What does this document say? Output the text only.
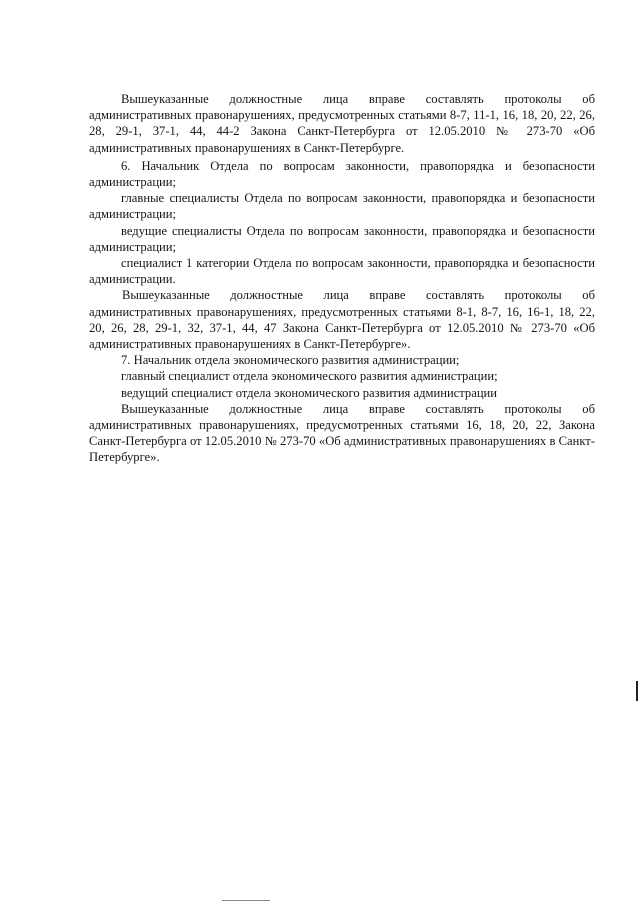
Вышеуказанные должностные лица вправе составлять протоколы об административных правонарушениях, предусмотренных статьями 8-7, 11-1, 16, 18, 20, 22, 26, 28, 29-1, 37-1, 44, 44-2 Закона Санкт-Петербурга от 12.05.2010 № 273-70 «Об административных правонарушениях в Санкт-Петербурге.

6. Начальник Отдела по вопросам законности, правопорядка и безопасности администрации;

главные специалисты Отдела по вопросам законности, правопорядка и безопасности администрации;

ведущие специалисты Отдела по вопросам законности, правопорядка и безопасности администрации;

специалист 1 категории Отдела по вопросам законности, правопорядка и безопасности администрации.

Вышеуказанные должностные лица вправе составлять протоколы об административных правонарушениях, предусмотренных статьями 8-1, 8-7, 16, 16-1, 18, 22, 20, 26, 28, 29-1, 32, 37-1, 44, 47 Закона Санкт-Петербурга от 12.05.2010 № 273-70 «Об административных правонарушениях в Санкт-Петербурге».

7. Начальник отдела экономического развития администрации;

главный специалист отдела экономического развития администрации;

ведущий специалист отдела экономического развития администрации

Вышеуказанные должностные лица вправе составлять протоколы об административных правонарушениях, предусмотренных статьями 16, 18, 20, 22, Закона Санкт-Петербурга от 12.05.2010 № 273-70 «Об административных правонарушениях в Санкт-Петербурге».
